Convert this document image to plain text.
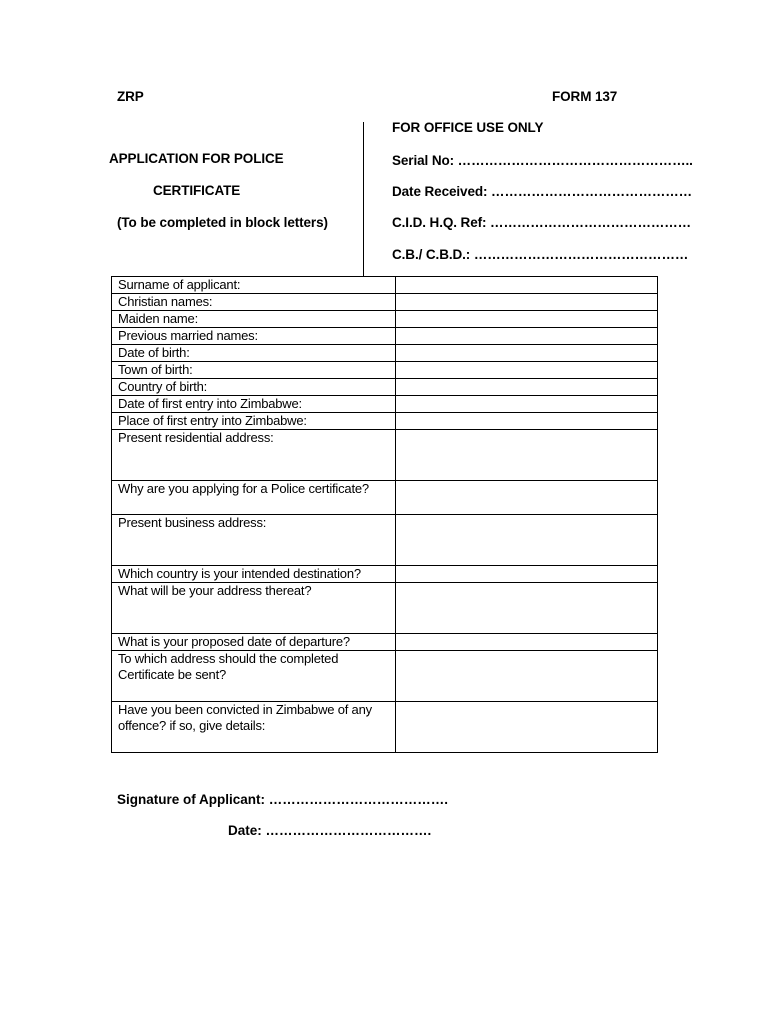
ZRP	FORM 137
FOR OFFICE USE ONLY
APPLICATION FOR POLICE
CERTIFICATE
(To be completed in block letters)
Serial No: ……………………………………………..
Date Received: ………………………………………
C.I.D. H.Q. Ref: ………………………………………
C.B./ C.B.D.: …………………………………………
Surname of applicant:	
Christian names:	
Maiden name:	
Previous married names:	
Date of birth:	
Town of birth:	
Country of birth:	
Date of first entry into Zimbabwe:	
Place of first entry into Zimbabwe:	
Present residential address:	
Why are you applying for a Police certificate?	
Present business address:	
Which country is your intended destination?	
What will be your address thereat?	
What is your proposed date of departure?	
To which address should the completed Certificate be sent?	
Have you been convicted in Zimbabwe of any offence? if so, give details:	
Signature of Applicant: ………………………………….
Date: ……………………………….
